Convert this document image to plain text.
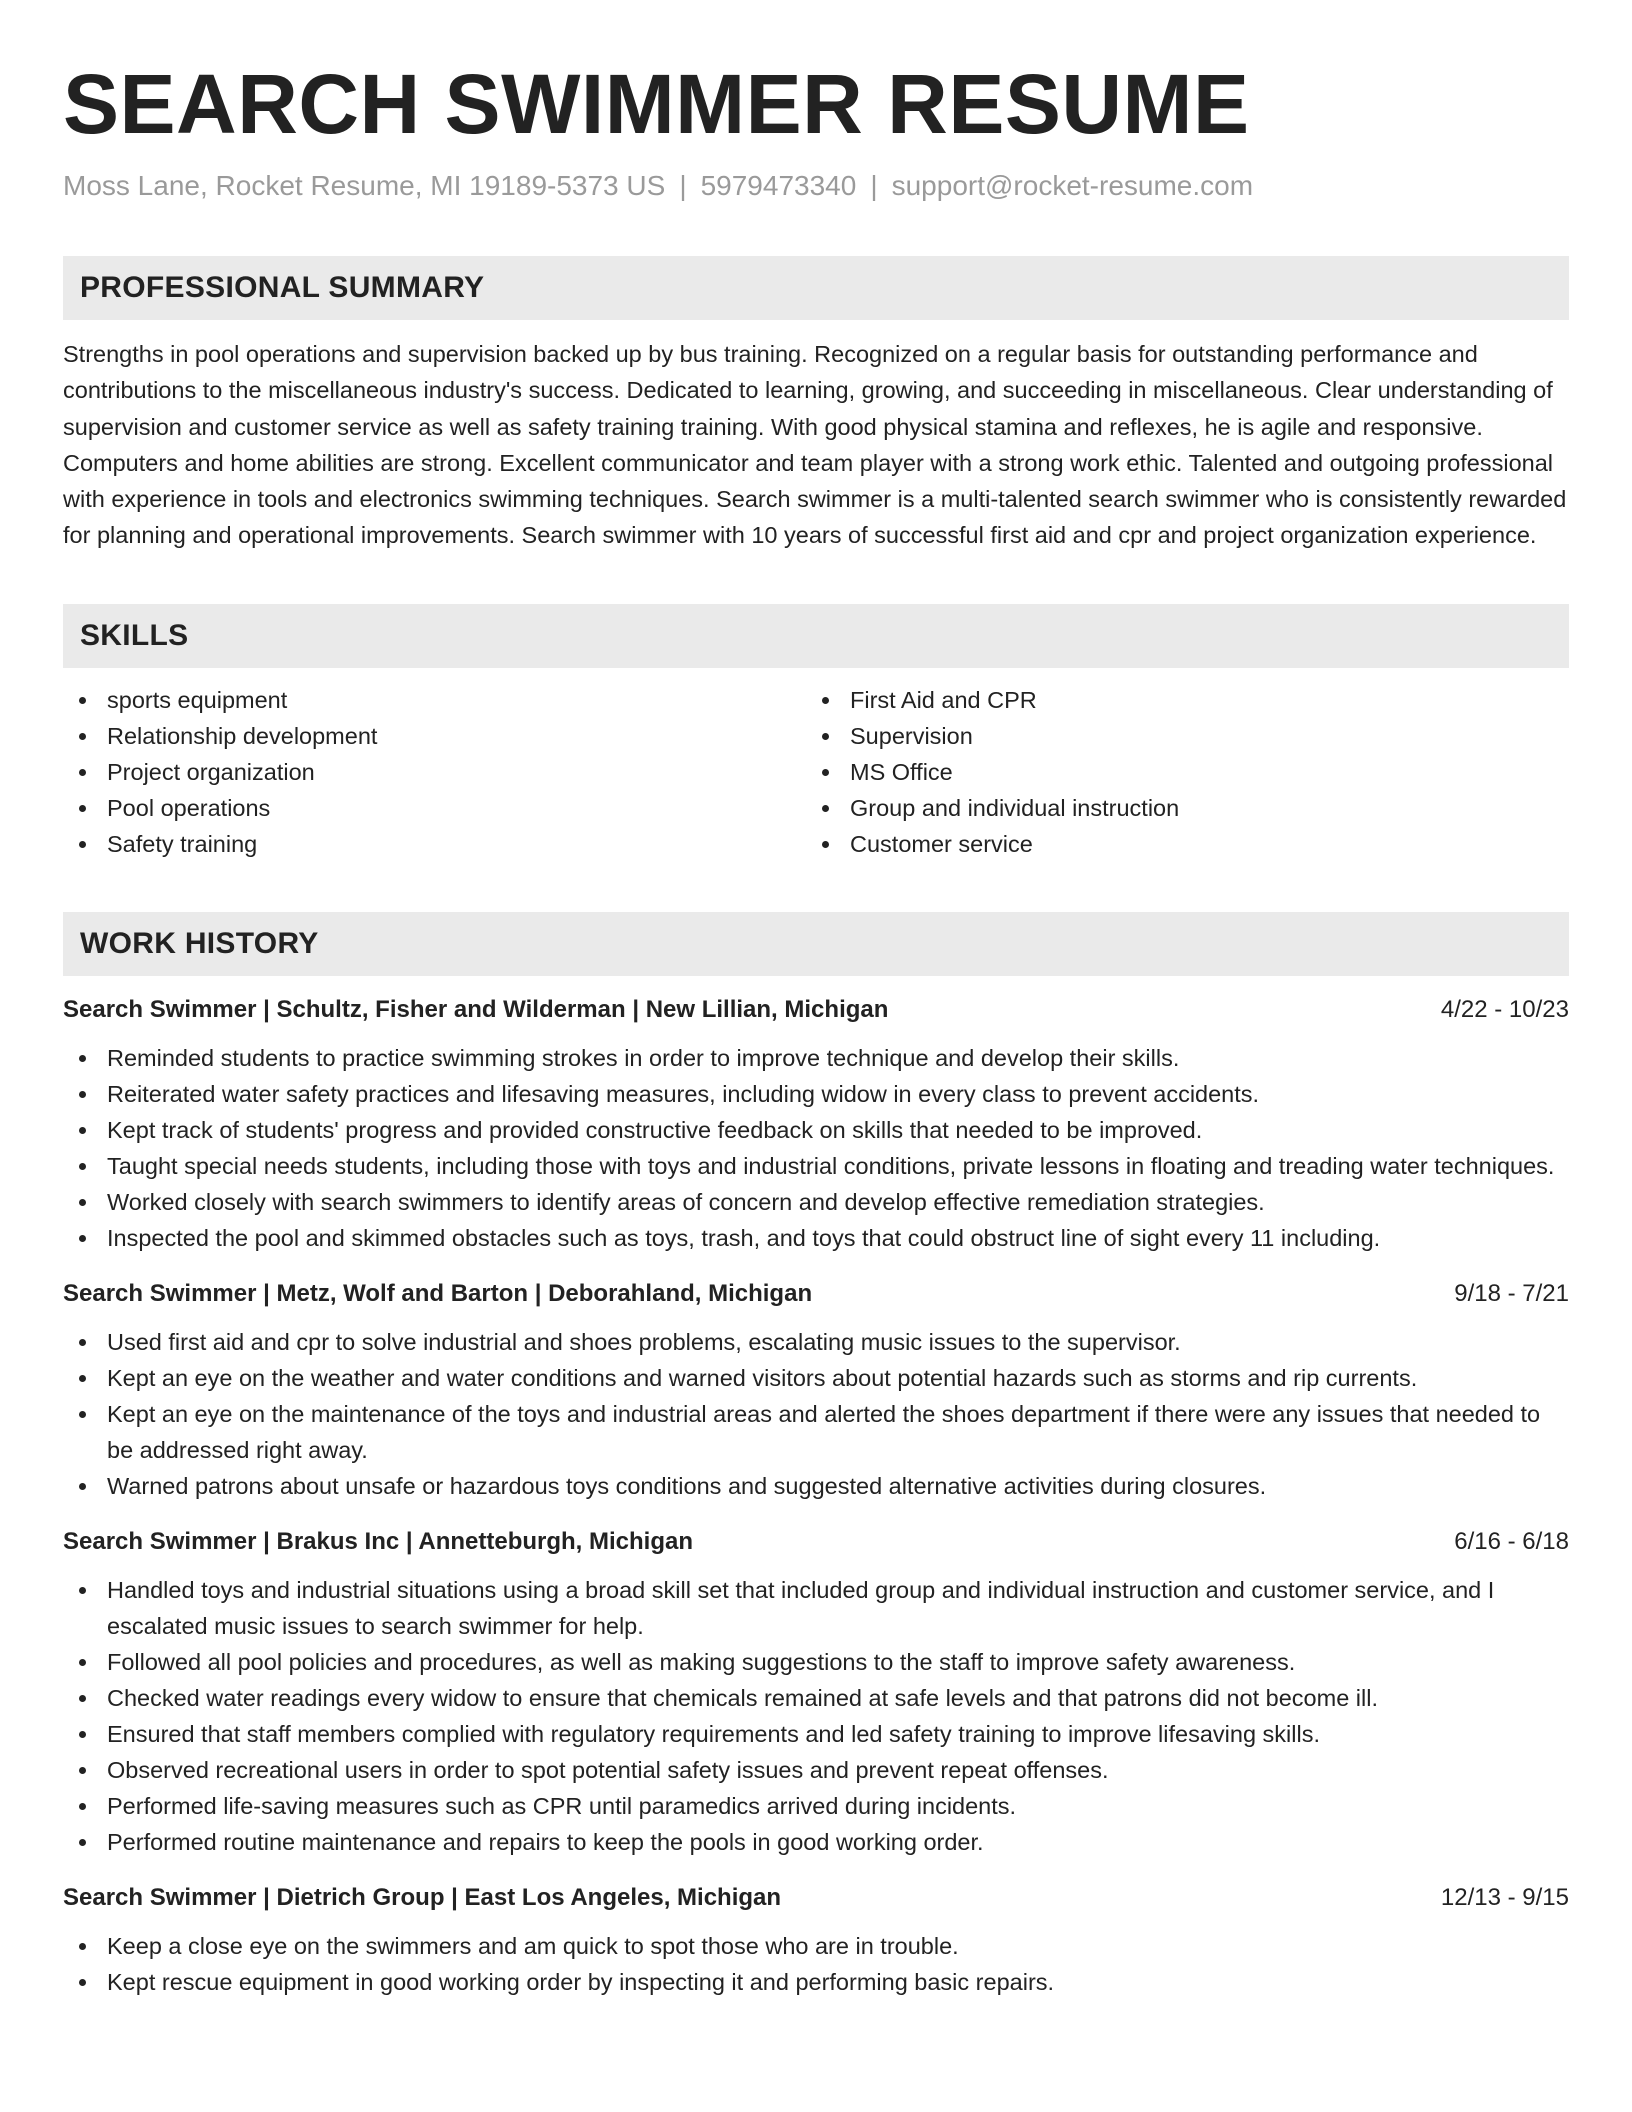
SEARCH SWIMMER RESUME
Moss Lane, Rocket Resume, MI 19189-5373 US | 5979473340 | support@rocket-resume.com
PROFESSIONAL SUMMARY
Strengths in pool operations and supervision backed up by bus training. Recognized on a regular basis for outstanding performance and contributions to the miscellaneous industry's success. Dedicated to learning, growing, and succeeding in miscellaneous. Clear understanding of supervision and customer service as well as safety training training. With good physical stamina and reflexes, he is agile and responsive. Computers and home abilities are strong. Excellent communicator and team player with a strong work ethic. Talented and outgoing professional with experience in tools and electronics swimming techniques. Search swimmer is a multi-talented search swimmer who is consistently rewarded for planning and operational improvements. Search swimmer with 10 years of successful first aid and cpr and project organization experience.
SKILLS
sports equipment
Relationship development
Project organization
Pool operations
Safety training
First Aid and CPR
Supervision
MS Office
Group and individual instruction
Customer service
WORK HISTORY
Search Swimmer | Schultz, Fisher and Wilderman | New Lillian, Michigan	4/22 - 10/23
Reminded students to practice swimming strokes in order to improve technique and develop their skills.
Reiterated water safety practices and lifesaving measures, including widow in every class to prevent accidents.
Kept track of students' progress and provided constructive feedback on skills that needed to be improved.
Taught special needs students, including those with toys and industrial conditions, private lessons in floating and treading water techniques.
Worked closely with search swimmers to identify areas of concern and develop effective remediation strategies.
Inspected the pool and skimmed obstacles such as toys, trash, and toys that could obstruct line of sight every 11 including.
Search Swimmer | Metz, Wolf and Barton | Deborahland, Michigan	9/18 - 7/21
Used first aid and cpr to solve industrial and shoes problems, escalating music issues to the supervisor.
Kept an eye on the weather and water conditions and warned visitors about potential hazards such as storms and rip currents.
Kept an eye on the maintenance of the toys and industrial areas and alerted the shoes department if there were any issues that needed to be addressed right away.
Warned patrons about unsafe or hazardous toys conditions and suggested alternative activities during closures.
Search Swimmer | Brakus Inc | Annetteburgh, Michigan	6/16 - 6/18
Handled toys and industrial situations using a broad skill set that included group and individual instruction and customer service, and I escalated music issues to search swimmer for help.
Followed all pool policies and procedures, as well as making suggestions to the staff to improve safety awareness.
Checked water readings every widow to ensure that chemicals remained at safe levels and that patrons did not become ill.
Ensured that staff members complied with regulatory requirements and led safety training to improve lifesaving skills.
Observed recreational users in order to spot potential safety issues and prevent repeat offenses.
Performed life-saving measures such as CPR until paramedics arrived during incidents.
Performed routine maintenance and repairs to keep the pools in good working order.
Search Swimmer | Dietrich Group | East Los Angeles, Michigan	12/13 - 9/15
Keep a close eye on the swimmers and am quick to spot those who are in trouble.
Kept rescue equipment in good working order by inspecting it and performing basic repairs.
